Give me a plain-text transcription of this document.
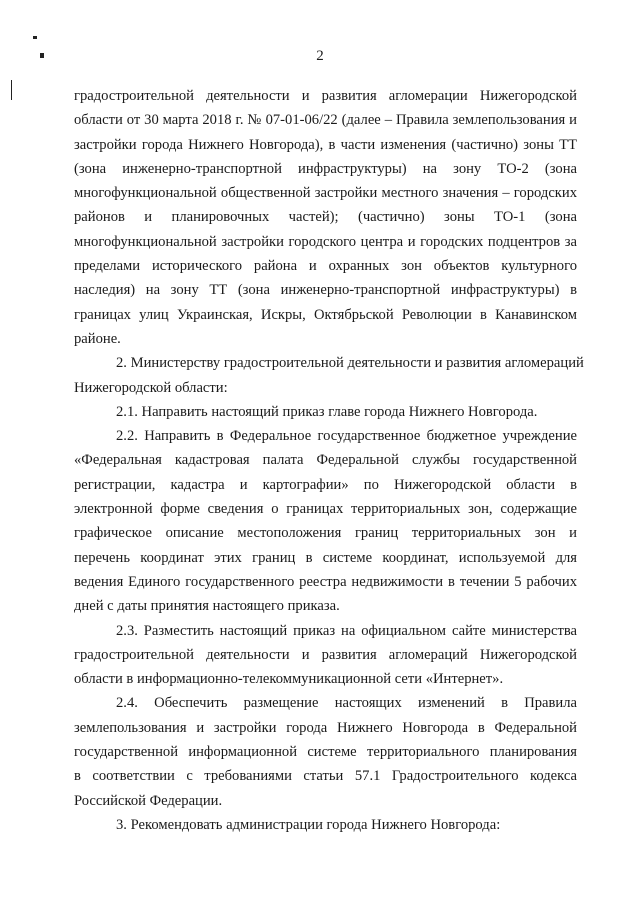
2
градостроительной деятельности и развития агломерации Нижегородской
области от 30 марта 2018 г. № 07-01-06/22 (далее – Правила землепользования и
застройки города Нижнего Новгорода), в части изменения (частично) зоны ТТ
(зона инженерно-транспортной инфраструктуры) на зону ТО-2 (зона
многофункциональной общественной застройки местного значения – городских
районов и планировочных частей); (частично) зоны ТО-1 (зона
многофункциональной застройки городского центра и городских подцентров за
пределами исторического района и охранных зон объектов культурного
наследия) на зону ТТ (зона инженерно-транспортной инфраструктуры) в
границах улиц Украинская, Искры, Октябрьской Революции в Канавинском
районе.
2. Министерству градостроительной деятельности и развития агломераций
Нижегородской области:
2.1. Направить настоящий приказ главе города Нижнего Новгорода.
2.2. Направить в Федеральное государственное бюджетное учреждение
«Федеральная кадастровая палата Федеральной службы государственной
регистрации, кадастра и картографии» по Нижегородской области в
электронной форме сведения о границах территориальных зон, содержащие
графическое описание местоположения границ территориальных зон и
перечень координат этих границ в системе координат, используемой для
ведения Единого государственного реестра недвижимости в течении 5 рабочих
дней с даты принятия настоящего приказа.
2.3. Разместить настоящий приказ на официальном сайте министерства
градостроительной деятельности и развития агломераций Нижегородской
области в информационно-телекоммуникационной сети «Интернет».
2.4. Обеспечить размещение настоящих изменений в Правила
землепользования и застройки города Нижнего Новгорода в Федеральной
государственной информационной системе территориального планирования
в соответствии с требованиями статьи 57.1 Градостроительного кодекса
Российской Федерации.
3. Рекомендовать администрации города Нижнего Новгорода:
